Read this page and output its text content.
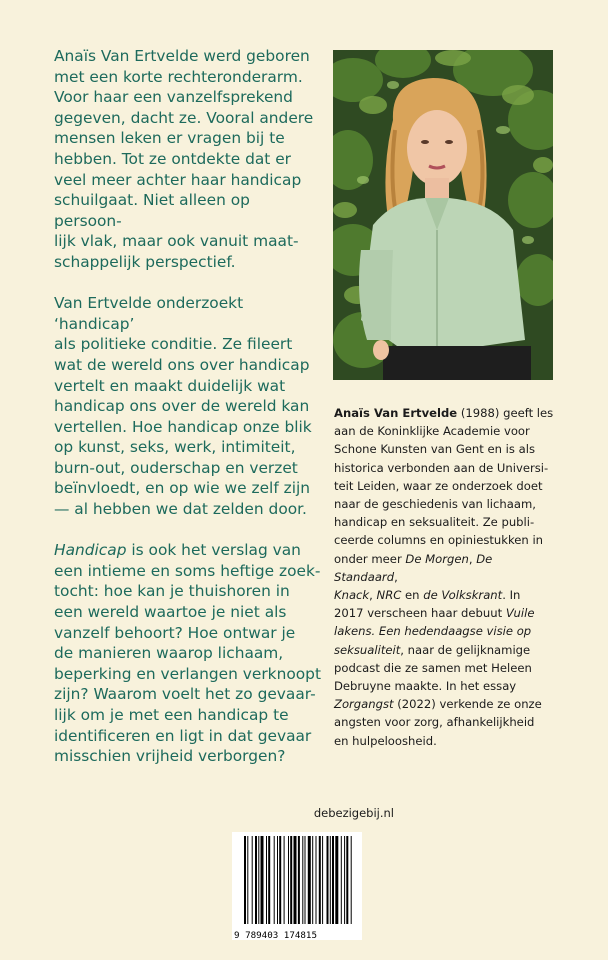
Anaïs Van Ertvelde werd geboren
met een korte rechteronderarm.
Voor haar een vanzelfsprekend
gegeven, dacht ze. Vooral andere
mensen leken er vragen bij te
hebben. Tot ze ontdekte dat er
veel meer achter haar handicap
schuilgaat. Niet alleen op persoon-
lijk vlak, maar ook vanuit maat-
schappelijk perspectief.

Van Ertvelde onderzoekt ‘handicap’
als politieke conditie. Ze fileert
wat de wereld ons over handicap
vertelt en maakt duidelijk wat
handicap ons over de wereld kan
vertellen. Hoe handicap onze blik
op kunst, seks, werk, intimiteit,
burn-out, ouderschap en verzet
beïnvloedt, en op wie we zelf zijn
— al hebben we dat zelden door.

Handicap is ook het verslag van
een intieme en soms heftige zoek-
tocht: hoe kan je thuishoren in
een wereld waartoe je niet als
vanzelf behoort? Hoe ontwar je
de manieren waarop lichaam,
beperking en verlangen verknoopt
zijn? Waarom voelt het zo gevaar-
lijk om je met een handicap te
identificeren en ligt in dat gevaar
misschien vrijheid verborgen?

Anaïs Van Ertvelde (1988) geeft les
aan de Koninklijke Academie voor
Schone Kunsten van Gent en is als
historica verbonden aan de Universi-
teit Leiden, waar ze onderzoek doet
naar de geschiedenis van lichaam,
handicap en seksualiteit. Ze publi-
ceerde columns en opiniestukken in
onder meer De Morgen, De Standaard,
Knack, NRC en de Volkskrant. In
2017 verscheen haar debuut Vuile
lakens. Een hedendaagse visie op
seksualiteit, naar de gelijknamige
podcast die ze samen met Heleen
Debruyne maakte. In het essay
Zorgangst (2022) verkende ze onze
angsten voor zorg, afhankelijkheid
en hulpeloosheid.

debezigebij.nl
9 789403 174815
